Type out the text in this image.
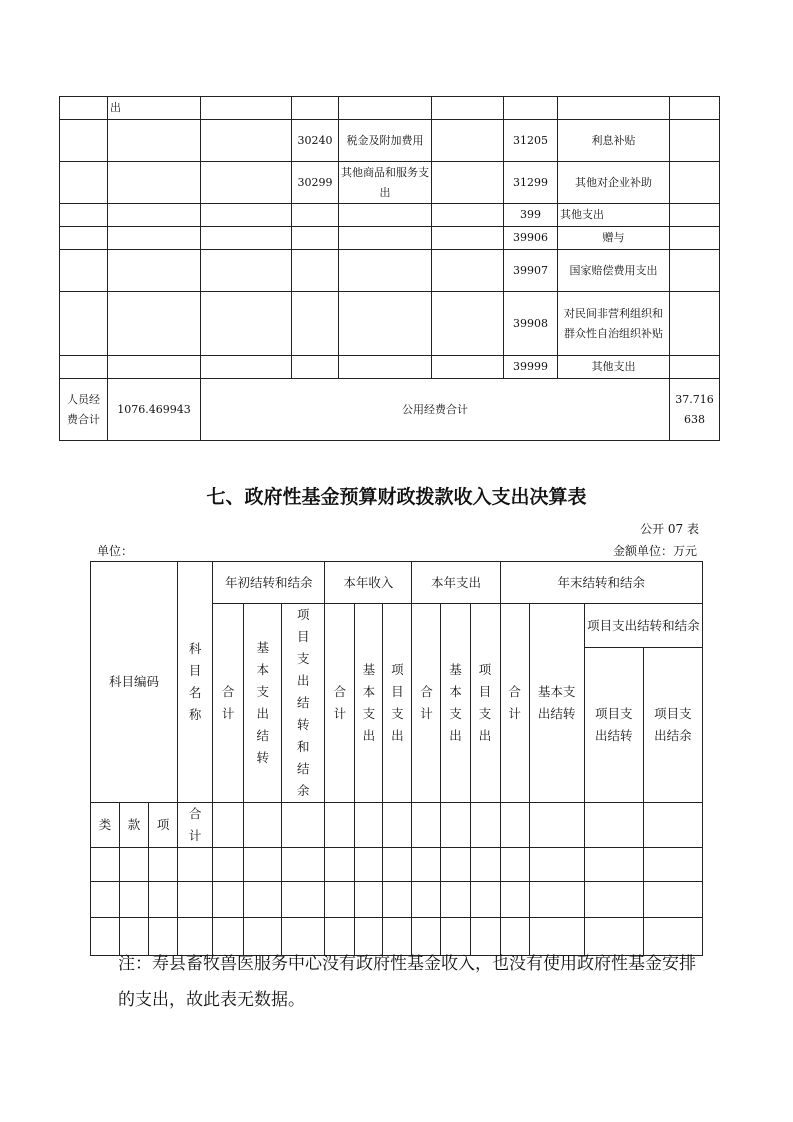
	出							
			30240	税金及附加费用		31205	利息补贴	
			30299	其他商品和服务支出		31299	其他对企业补助	
						399	其他支出	
						39906	赠与	
						39907	国家赔偿费用支出	
						39908	对民间非营利组织和群众性自治组织补贴	
						39999	其他支出	
人员经费合计	1076.469943	公用经费合计						37.716638
七、政府性基金预算财政拨款收入支出决算表
公开 07 表
单位：	金额单位：万元
科目编码			科目名称	年初结转和结余			本年收入			本年支出			年末结转和结余			

				合计	基本支出结转	项目支出结转和结余	合计	基本支出	项目支出	合计	基本支出	项目支出	合计	基本支出结转	项目支出结转和结余	

															项目支出结转	项目支出结余

类	款	项	合计													

注：寿县畜牧兽医服务中心没有政府性基金收入，也没有使用政府性基金安排的支出，故此表无数据。
